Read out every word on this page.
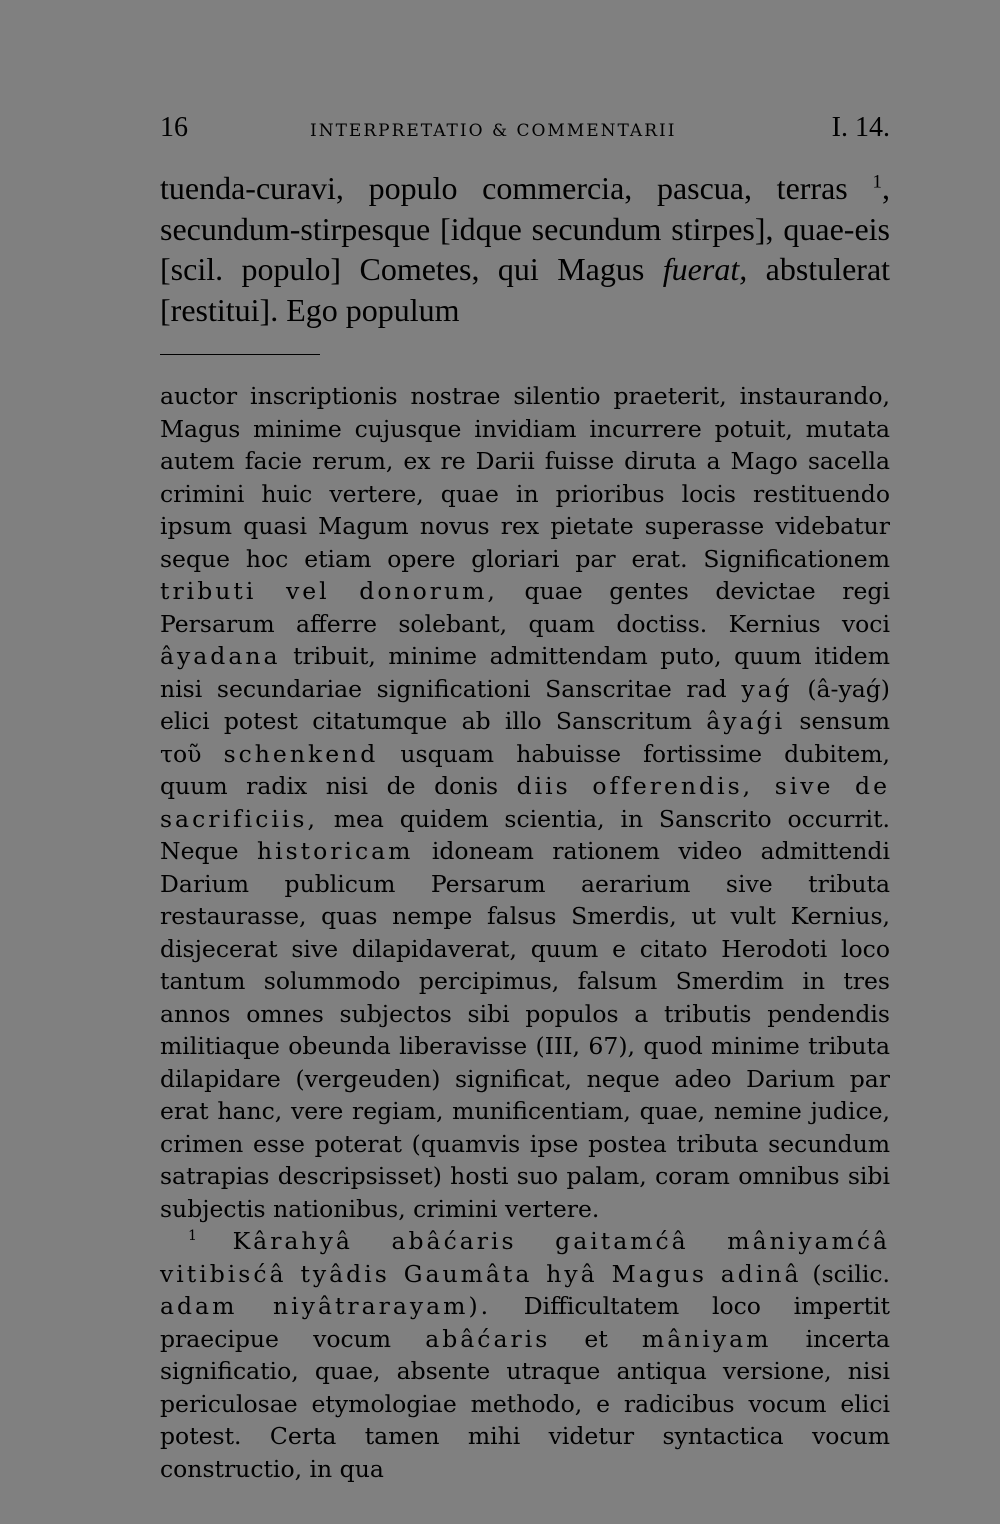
16	INTERPRETATIO & COMMENTARII	I. 14.

tuenda-curavi, populo commercia, pascua, terras $^1$, secundum-stirpesque [idque secundum stirpes], quae-eis [scil. populo] Cometes, qui Magus fuerat, abstulerat [restitui]. Ego populum

auctor inscriptionis nostrae silentio praeterit, instaurando, Magus minime cujusque invidiam incurrere potuit, mutata autem facie rerum, ex re Darii fuisse diruta a Mago sacella crimini huic vertere, quae in prioribus locis restituendo ipsum quasi Magum novus rex pietate superasse videbatur seque hoc etiam opere gloriari par erat. Significationem tributi vel donorum, quae gentes devictae regi Persarum afferre solebant, quam doctiss. Kernius voci âyadana tribuit, minime admittendam puto, quum itidem nisi secundariae significationi Sanscritae rad yaǵ (â-yaǵ) elici potest citatumque ab illo Sanscritum âyaǵi sensum τοῦ schenkend usquam habuisse fortissime dubitem, quum radix nisi de donis diis offerendis, sive de sacrificiis, mea quidem scientia, in Sanscrito occurrit. Neque historicam idoneam rationem video admittendi Darium publicum Persarum aerarium sive tributa restaurasse, quas nempe falsus Smerdis, ut vult Kernius, disjecerat sive dilapidaverat, quum e citato Herodoti loco tantum solummodo percipimus, falsum Smerdim in tres annos omnes subjectos sibi populos a tributis pendendis militiaque obeunda liberavisse (III, 67), quod minime tributa dilapidare (vergeuden) significat, neque adeo Darium par erat hanc, vere regiam, munificentiam, quae, nemine judice, crimen esse poterat (quamvis ipse postea tributa secundum satrapias descripsisset) hosti suo palam, coram omnibus sibi subjectis nationibus, crimini vertere.

$^1$ Kârahyâ abâćaris gaitamćâ mâniyamćâ vitibisćâ tyâdis Gaumâta hyâ Magus adinâ (scilic. adam niyâtrarayam). Difficultatem loco impertit praecipue vocum abâćaris et mâniyam incerta significatio, quae, absente utraque antiqua versione, nisi periculosae etymologiae methodo, e radicibus vocum elici potest. Certa tamen mihi videtur syntactica vocum constructio, in qua
